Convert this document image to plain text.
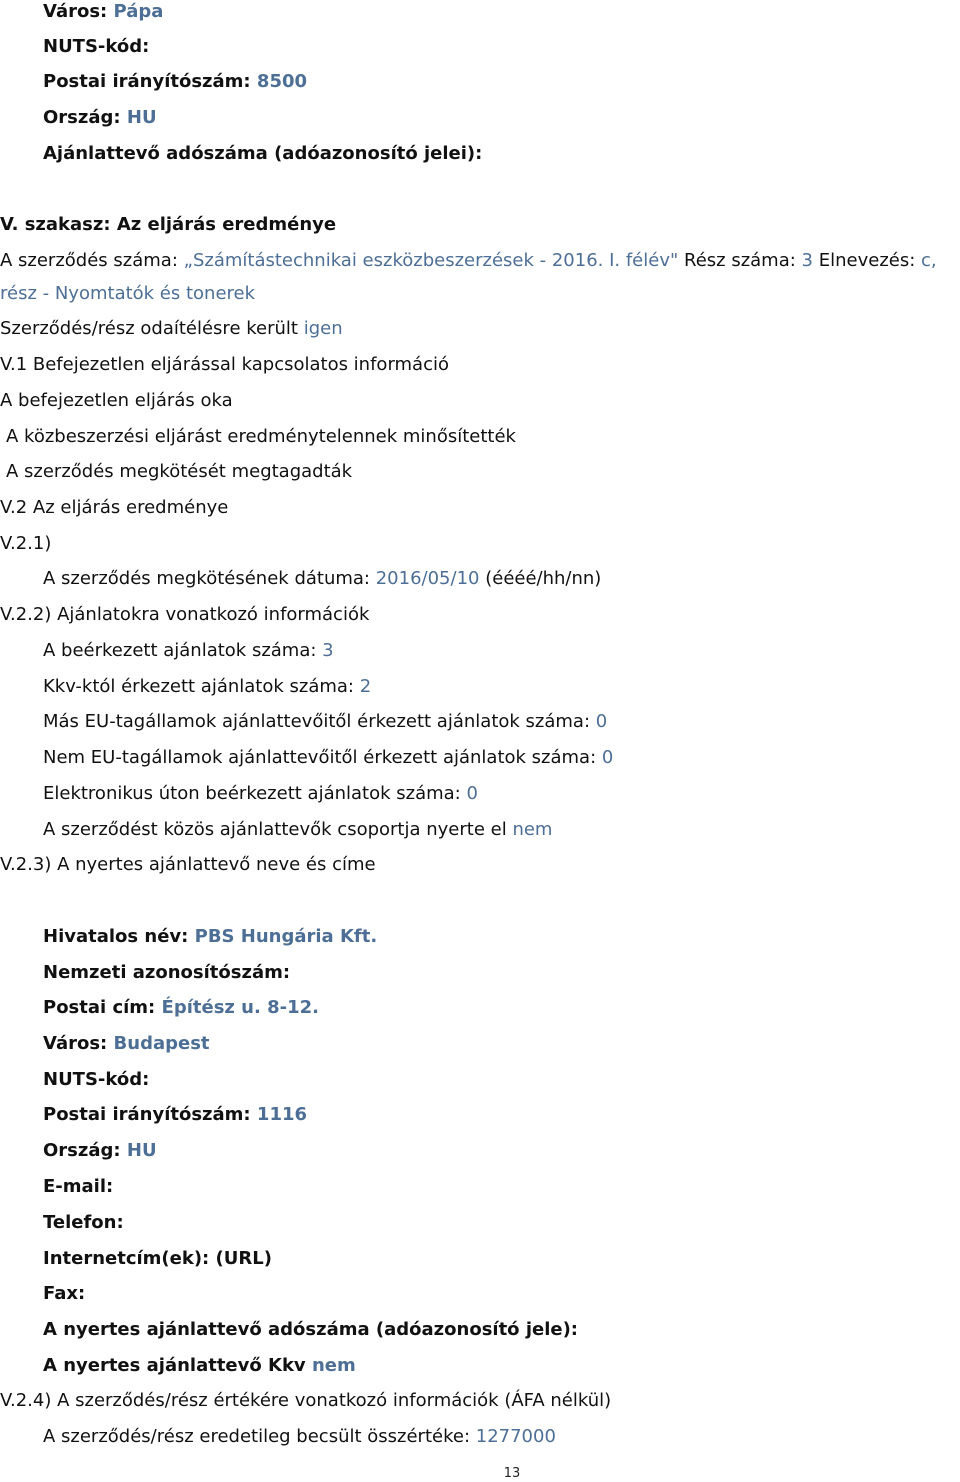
Város: Pápa
NUTS-kód:
Postai irányítószám: 8500
Ország: HU
Ajánlattevő adószáma (adóazonosító jelei):
V. szakasz: Az eljárás eredménye
A szerződés száma: „Számítástechnikai eszközbeszerzések - 2016. I. félév" Rész száma: 3 Elnevezés: c,
rész - Nyomtatók és tonerek
Szerződés/rész odaítélésre került igen
V.1 Befejezetlen eljárással kapcsolatos információ
A befejezetlen eljárás oka
A közbeszerzési eljárást eredménytelennek minősítették
A szerződés megkötését megtagadták
V.2 Az eljárás eredménye
V.2.1)
A szerződés megkötésének dátuma: 2016/05/10 (éééé/hh/nn)
V.2.2) Ajánlatokra vonatkozó információk
A beérkezett ajánlatok száma: 3
Kkv-któl érkezett ajánlatok száma: 2
Más EU-tagállamok ajánlattevőitől érkezett ajánlatok száma: 0
Nem EU-tagállamok ajánlattevőitől érkezett ajánlatok száma: 0
Elektronikus úton beérkezett ajánlatok száma: 0
A szerződést közös ajánlattevők csoportja nyerte el nem
V.2.3) A nyertes ajánlattevő neve és címe
Hivatalos név: PBS Hungária Kft.
Nemzeti azonosítószám:
Postai cím: Építész u. 8-12.
Város: Budapest
NUTS-kód:
Postai irányítószám: 1116
Ország: HU
E-mail:
Telefon:
Internetcím(ek): (URL)
Fax:
A nyertes ajánlattevő adószáma (adóazonosító jele):
A nyertes ajánlattevő Kkv nem
V.2.4) A szerződés/rész értékére vonatkozó információk (ÁFA nélkül)
A szerződés/rész eredetileg becsült összértéke: 1277000
13
